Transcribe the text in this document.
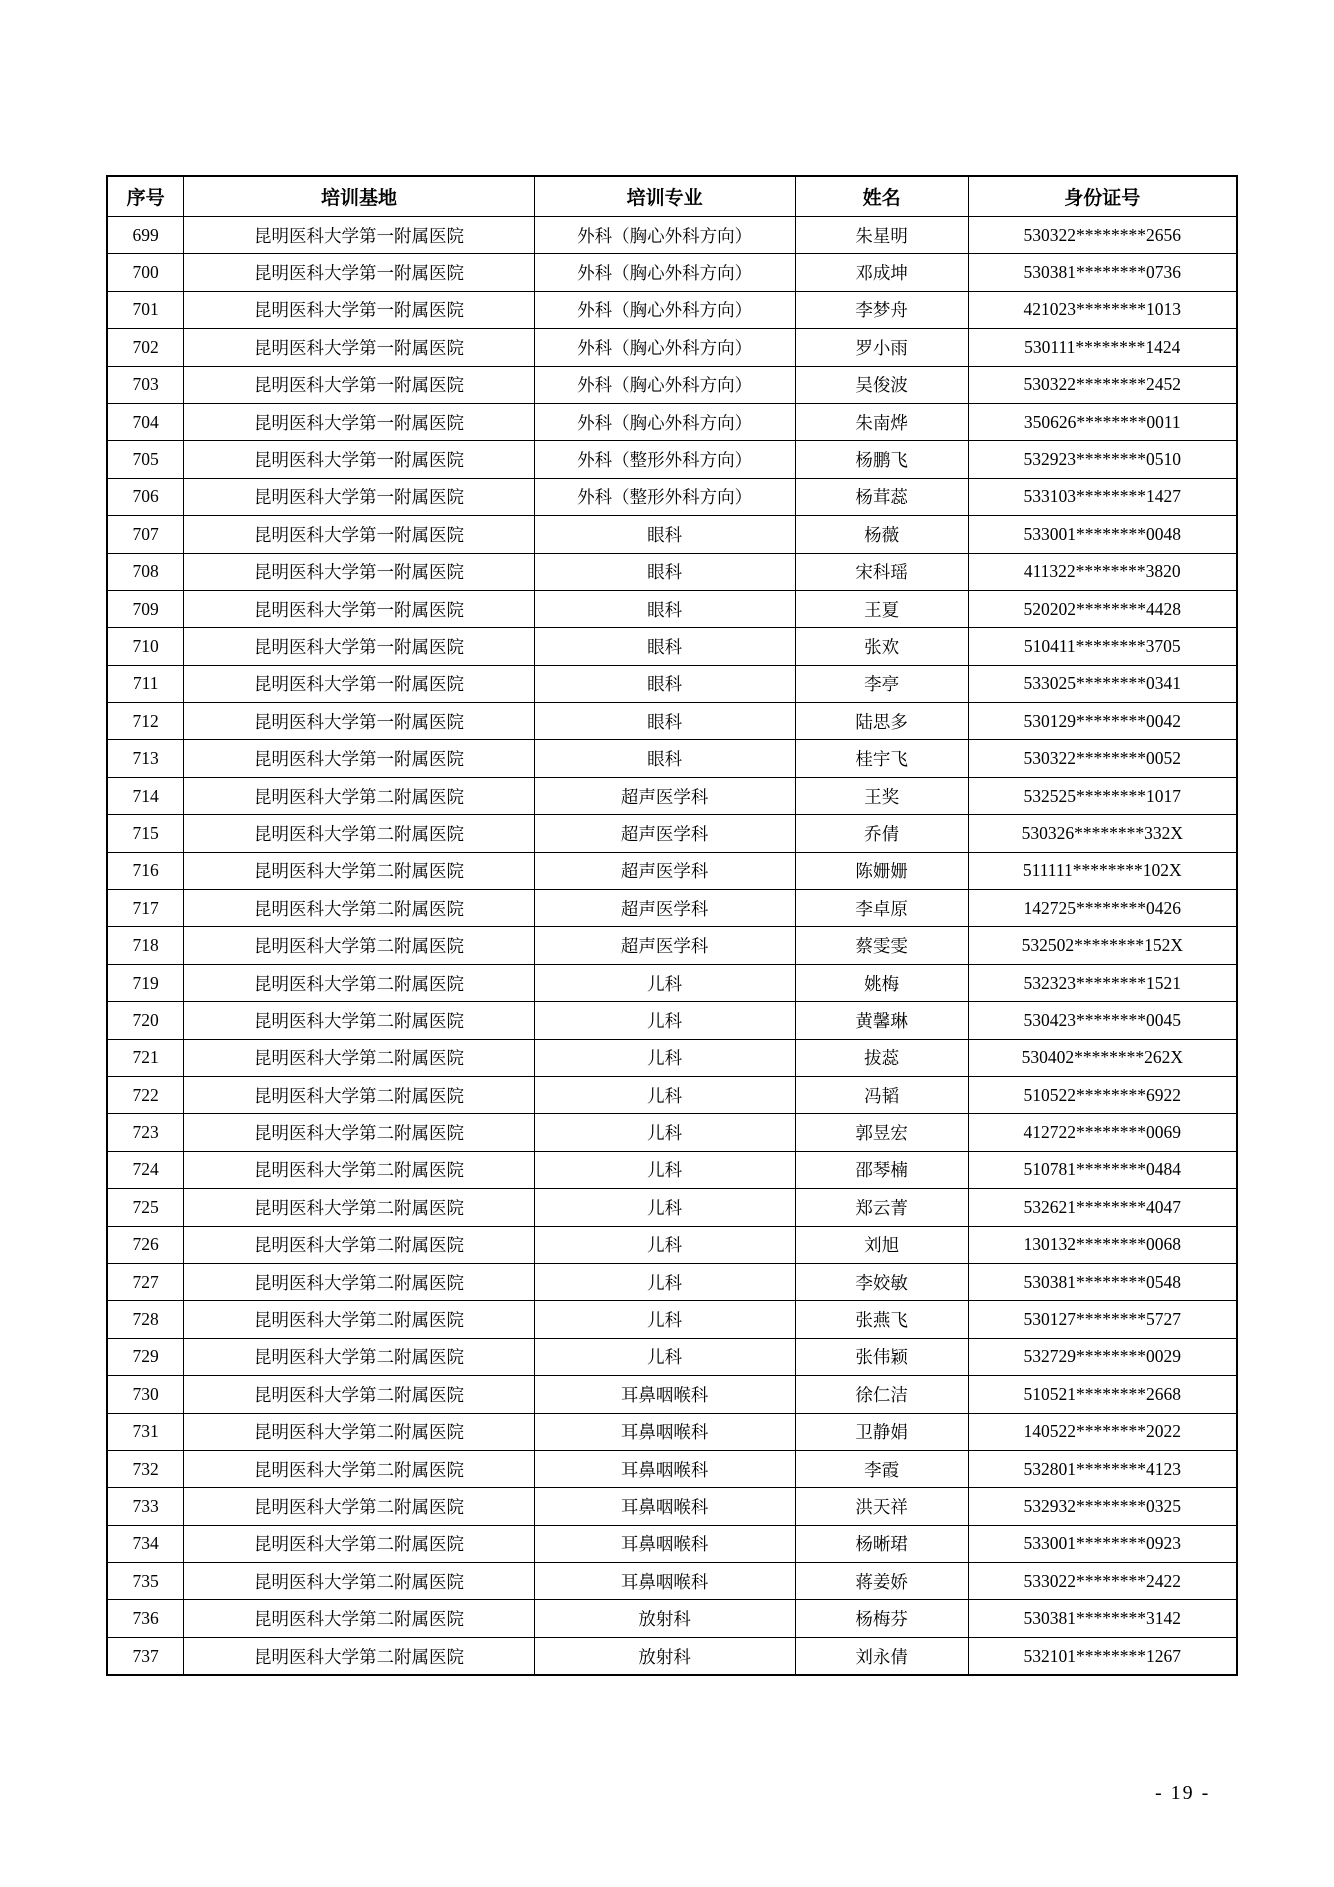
序号	培训基地	培训专业	姓名	身份证号
699	昆明医科大学第一附属医院	外科（胸心外科方向）	朱星明	530322********2656
700	昆明医科大学第一附属医院	外科（胸心外科方向）	邓成坤	530381********0736
701	昆明医科大学第一附属医院	外科（胸心外科方向）	李梦舟	421023********1013
702	昆明医科大学第一附属医院	外科（胸心外科方向）	罗小雨	530111********1424
703	昆明医科大学第一附属医院	外科（胸心外科方向）	吴俊波	530322********2452
704	昆明医科大学第一附属医院	外科（胸心外科方向）	朱南烨	350626********0011
705	昆明医科大学第一附属医院	外科（整形外科方向）	杨鹏飞	532923********0510
706	昆明医科大学第一附属医院	外科（整形外科方向）	杨茸蕊	533103********1427
707	昆明医科大学第一附属医院	眼科	杨薇	533001********0048
708	昆明医科大学第一附属医院	眼科	宋科瑶	411322********3820
709	昆明医科大学第一附属医院	眼科	王夏	520202********4428
710	昆明医科大学第一附属医院	眼科	张欢	510411********3705
711	昆明医科大学第一附属医院	眼科	李亭	533025********0341
712	昆明医科大学第一附属医院	眼科	陆思多	530129********0042
713	昆明医科大学第一附属医院	眼科	桂宇飞	530322********0052
714	昆明医科大学第二附属医院	超声医学科	王奖	532525********1017
715	昆明医科大学第二附属医院	超声医学科	乔倩	530326********332X
716	昆明医科大学第二附属医院	超声医学科	陈姗姗	511111********102X
717	昆明医科大学第二附属医院	超声医学科	李卓原	142725********0426
718	昆明医科大学第二附属医院	超声医学科	蔡雯雯	532502********152X
719	昆明医科大学第二附属医院	儿科	姚梅	532323********1521
720	昆明医科大学第二附属医院	儿科	黄馨琳	530423********0045
721	昆明医科大学第二附属医院	儿科	拔蕊	530402********262X
722	昆明医科大学第二附属医院	儿科	冯韬	510522********6922
723	昆明医科大学第二附属医院	儿科	郭昱宏	412722********0069
724	昆明医科大学第二附属医院	儿科	邵琴楠	510781********0484
725	昆明医科大学第二附属医院	儿科	郑云菁	532621********4047
726	昆明医科大学第二附属医院	儿科	刘旭	130132********0068
727	昆明医科大学第二附属医院	儿科	李姣敏	530381********0548
728	昆明医科大学第二附属医院	儿科	张燕飞	530127********5727
729	昆明医科大学第二附属医院	儿科	张伟颖	532729********0029
730	昆明医科大学第二附属医院	耳鼻咽喉科	徐仁洁	510521********2668
731	昆明医科大学第二附属医院	耳鼻咽喉科	卫静娟	140522********2022
732	昆明医科大学第二附属医院	耳鼻咽喉科	李霞	532801********4123
733	昆明医科大学第二附属医院	耳鼻咽喉科	洪天祥	532932********0325
734	昆明医科大学第二附属医院	耳鼻咽喉科	杨晰珺	533001********0923
735	昆明医科大学第二附属医院	耳鼻咽喉科	蒋姜娇	533022********2422
736	昆明医科大学第二附属医院	放射科	杨梅芬	530381********3142
737	昆明医科大学第二附属医院	放射科	刘永倩	532101********1267
- 19 -
